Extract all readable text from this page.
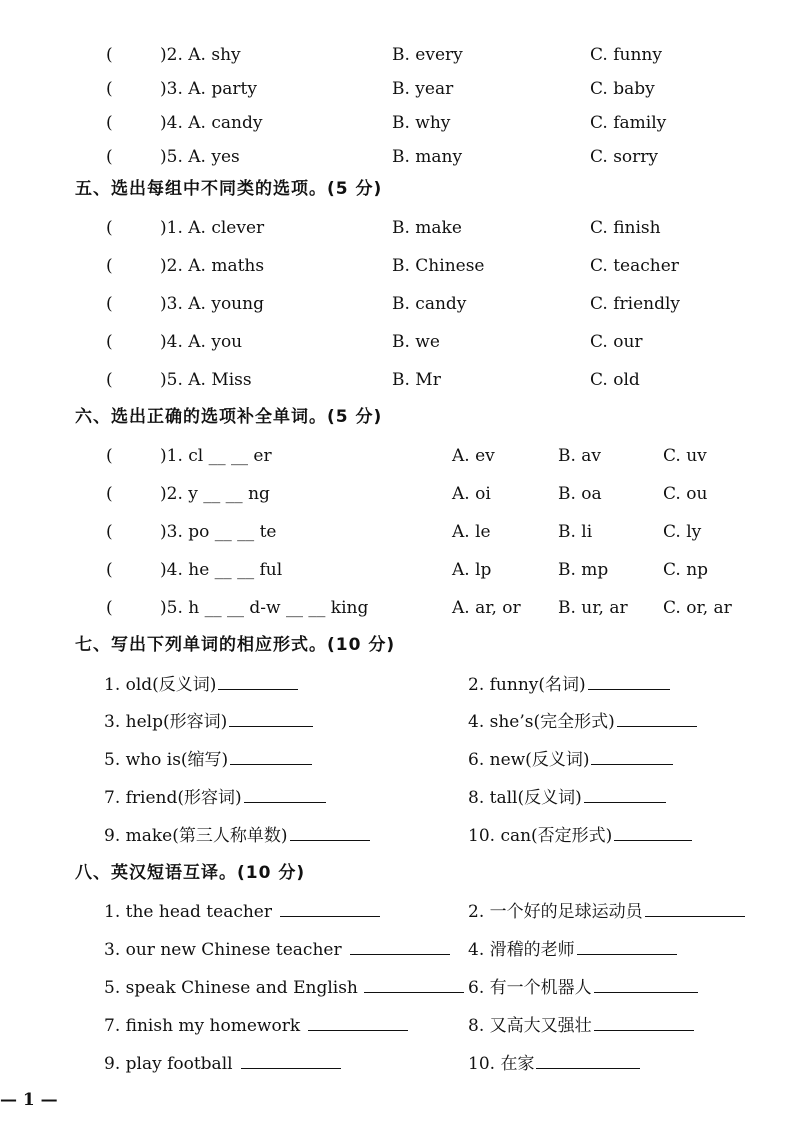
(	)2. A. shy	B. every	C. funny
(	)3. A. party	B. year	C. baby
(	)4. A. candy	B. why	C. family
(	)5. A. yes	B. many	C. sorry
五、选出每组中不同类的选项。(5 分)
(	)1. A. clever	B. make	C. finish
(	)2. A. maths	B. Chinese	C. teacher
(	)3. A. young	B. candy	C. friendly
(	)4. A. you	B. we	C. our
(	)5. A. Miss	B. Mr	C. old
六、选出正确的选项补全单词。(5 分)
(	)1. cl __ __ er	A. ev	B. av	C. uv
(	)2. y __ __ ng	A. oi	B. oa	C. ou
(	)3. po __ __ te	A. le	B. li	C. ly
(	)4. he __ __ ful	A. lp	B. mp	C. np
(	)5. h __ __ d-w __ __ king	A. ar, or B. ur, ar C. or, ar
七、写出下列单词的相应形式。(10 分)
1. old(反义词)	2. funny(名词)
3. help(形容词)	4. she’s(完全形式)
5. who is(缩写)	6. new(反义词)
7. friend(形容词)	8. tall(反义词)
9. make(第三人称单数)	10. can(否定形式)
八、英汉短语互译。(10 分)
1. the head teacher	2. 一个好的足球运动员
3. our new Chinese teacher	4. 滑稽的老师
5. speak Chinese and English	6. 有一个机器人
7. finish my homework	8. 又高大又强壮
9. play football	10. 在家
— 1 —
